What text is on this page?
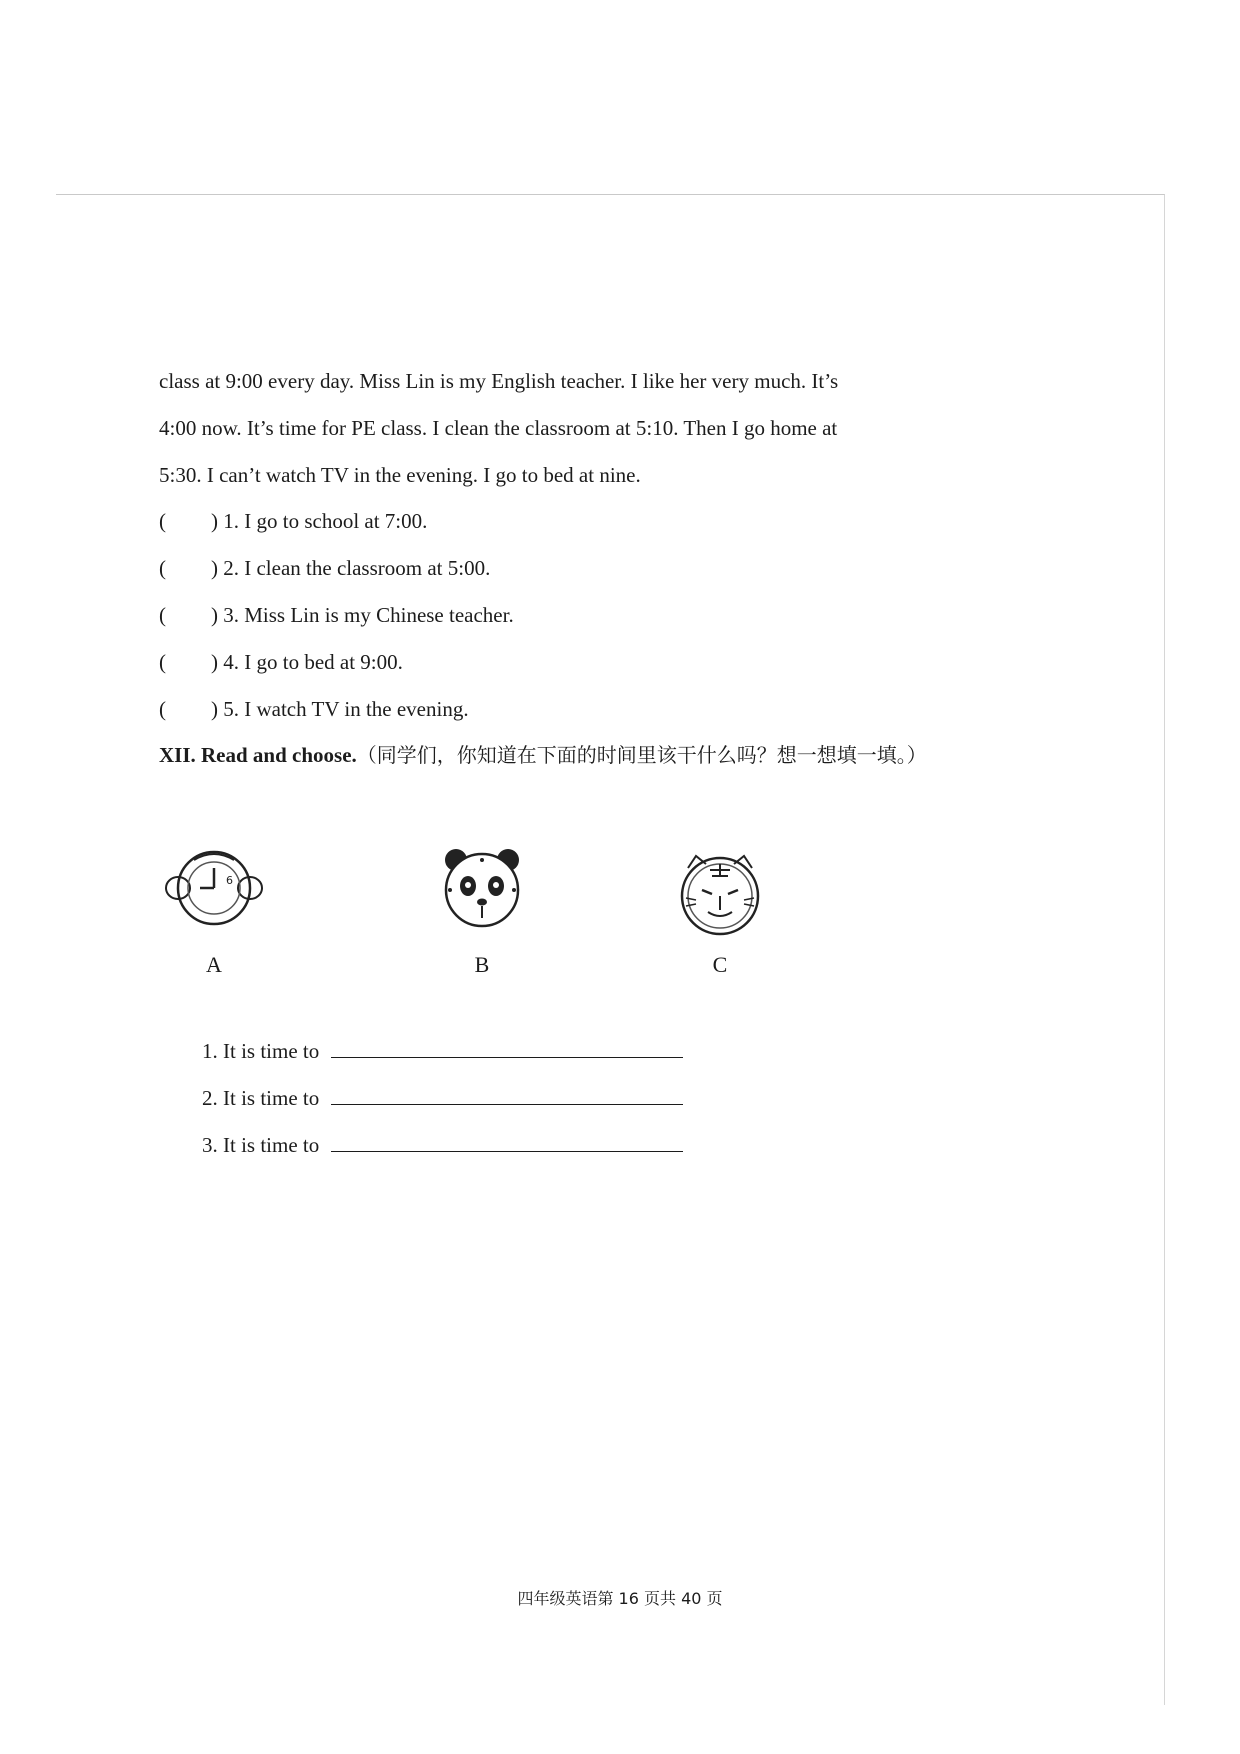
class at 9:00 every day. Miss Lin is my English teacher. I like her very much. It’s

4:00 now. It’s time for PE class. I clean the classroom at 5:10. Then I go home at

5:30. I can’t watch TV in the evening. I go to bed at nine.

(	) 1. I go to school at 7:00.
(	) 2. I clean the classroom at 5:00.
(	) 3. Miss Lin is my Chinese teacher.
(	) 4. I go to bed at 9:00.
(	) 5. I watch TV in the evening.
XII. Read and choose.（同学们，你知道在下面的时间里该干什么吗？想一想填一填。）
6
A	B	C
1. It is time to
2. It is time to
3. It is time to
四年级英语第 16 页共 40 页
